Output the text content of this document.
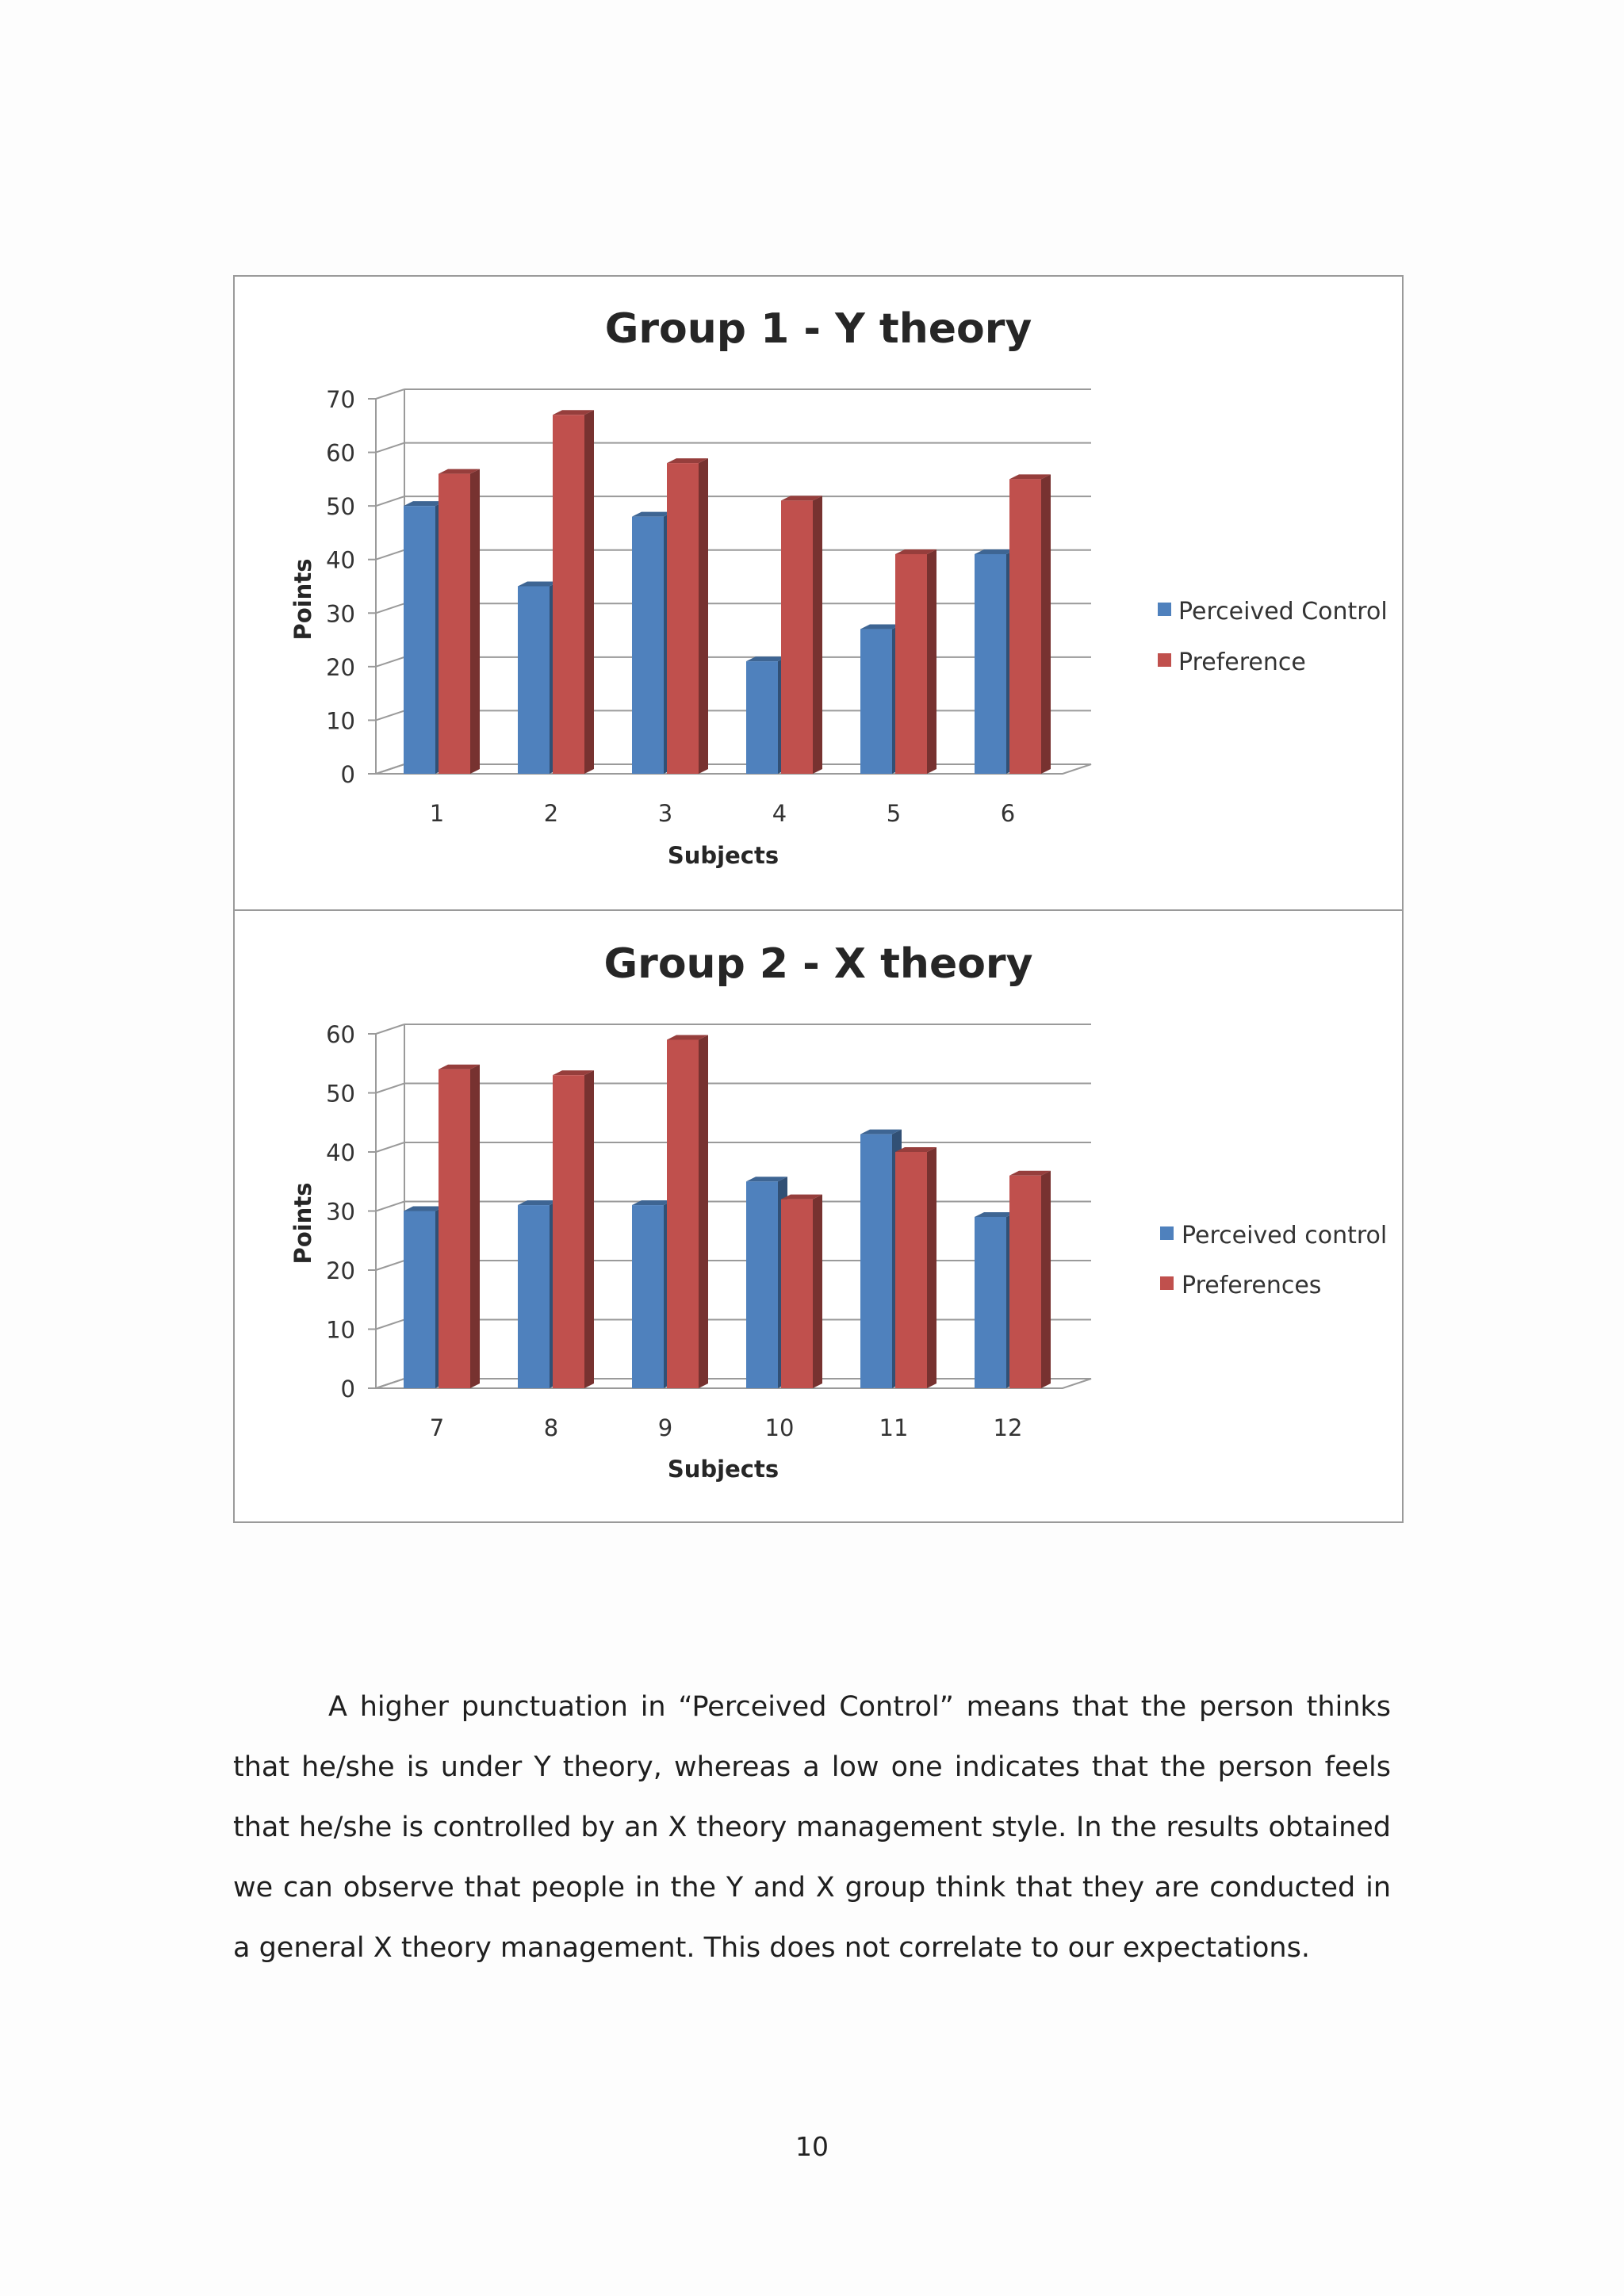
Group 1 - Y theory
0
10
20
30
40
50
60
70
1	2	3	4	5	6
Subjects
Points	Perceived Control
Preference
Group 2 - X theory
0
10
20
30
40
50
60
7	8	9	10	11	12
Subjects
Points	Perceived control
Preferences

A higher punctuation in “Perceived Control” means that the person thinks that he/she is under Y theory, whereas a low one indicates that the person feels that he/she is controlled by an X theory management style. In the results obtained we can observe that people in the Y and X group think that they are conducted in a general X theory management. This does not correlate to our expectations.

10
